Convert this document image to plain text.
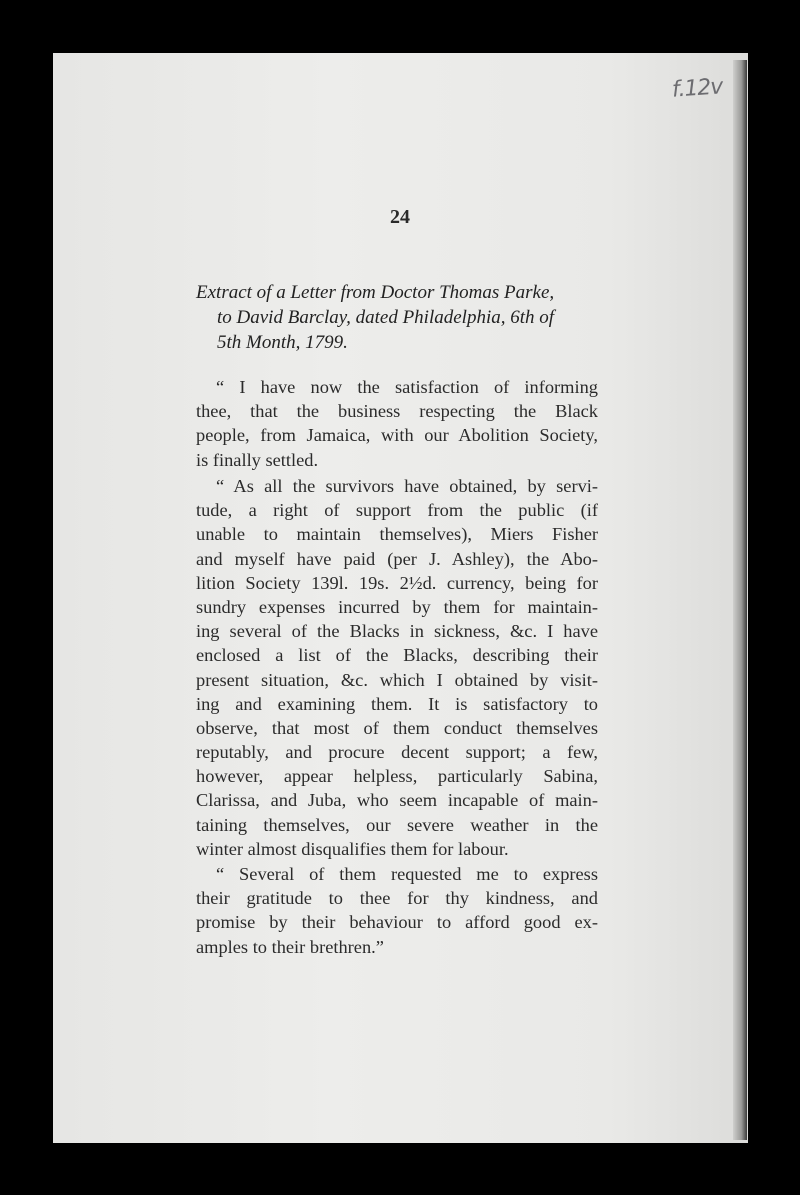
f.12v
24
Extract of a Letter from Doctor Thomas Parke,
to David Barclay, dated Philadelphia, 6th of
5th Month, 1799.
“ I have now the satisfaction of informing
thee, that the business respecting the Black
people, from Jamaica, with our Abolition Society,
is finally settled.
“ As all the survivors have obtained, by servi-
tude, a right of support from the public (if
unable to maintain themselves), Miers Fisher
and myself have paid (per J. Ashley), the Abo-
lition Society 139l. 19s. 2½d. currency, being for
sundry expenses incurred by them for maintain-
ing several of the Blacks in sickness, &c. I have
enclosed a list of the Blacks, describing their
present situation, &c. which I obtained by visit-
ing and examining them. It is satisfactory to
observe, that most of them conduct themselves
reputably, and procure decent support; a few,
however, appear helpless, particularly Sabina,
Clarissa, and Juba, who seem incapable of main-
taining themselves, our severe weather in the
winter almost disqualifies them for labour.
“ Several of them requested me to express
their gratitude to thee for thy kindness, and
promise by their behaviour to afford good ex-
amples to their brethren.”
